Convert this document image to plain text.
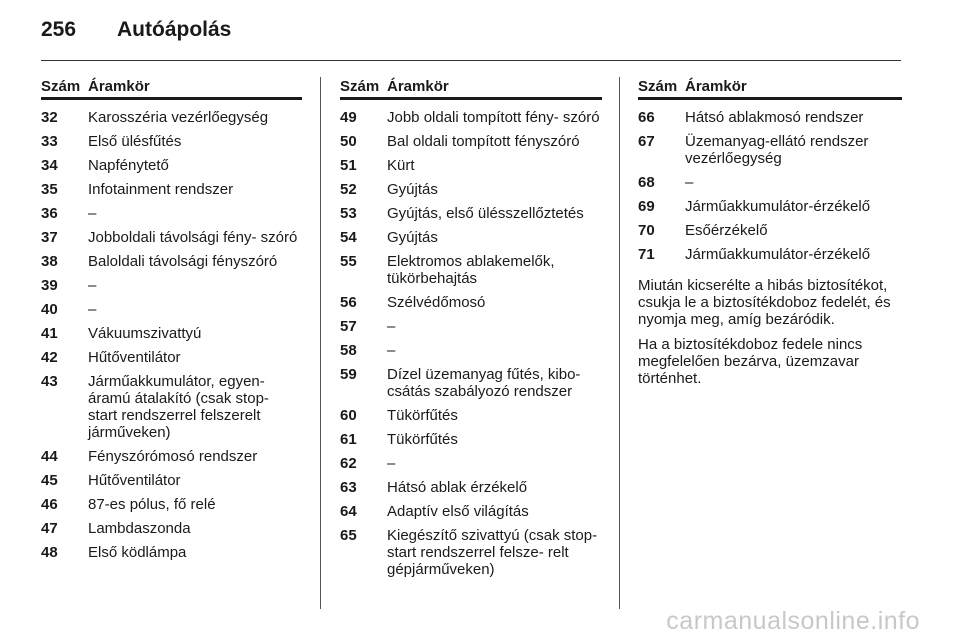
256	Autóápolás
Szám	Áramkör
32	Karosszéria vezérlőegység
33	Első ülésfűtés
34	Napfénytető
35	Infotainment rendszer
36	–
37	Jobboldali távolsági fény- szóró
38	Baloldali távolsági fényszóró
39	–
40	–
41	Vákuumszivattyú
42	Hűtőventilátor
43	Járműakkumulátor, egyen- áramú átalakító (csak stop- start rendszerrel felszerelt járműveken)
44	Fényszórómosó rendszer
45	Hűtőventilátor
46	87-es pólus, fő relé
47	Lambdaszonda
48	Első ködlámpa
Szám	Áramkör
49	Jobb oldali tompított fény- szóró
50	Bal oldali tompított fényszóró
51	Kürt
52	Gyújtás
53	Gyújtás, első ülésszellőztetés
54	Gyújtás
55	Elektromos ablakemelők, tükörbehajtás
56	Szélvédőmosó
57	–
58	–
59	Dízel üzemanyag fűtés, kibo- csátás szabályozó rendszer
60	Tükörfűtés
61	Tükörfűtés
62	–
63	Hátsó ablak érzékelő
64	Adaptív első világítás
65	Kiegészítő szivattyú (csak stop-start rendszerrel felsze- relt gépjárműveken)
Szám	Áramkör
66	Hátsó ablakmosó rendszer
67	Üzemanyag-ellátó rendszer vezérlőegység
68	–
69	Járműakkumulátor-érzékelő
70	Esőérzékelő
71	Járműakkumulátor-érzékelő

Miután kicserélte a hibás biztosítékot, csukja le a biztosítékdoboz fedelét, és nyomja meg, amíg bezáródik.

Ha a biztosítékdoboz fedele nincs megfelelően bezárva, üzemzavar történhet.

carmanualsonline.info
